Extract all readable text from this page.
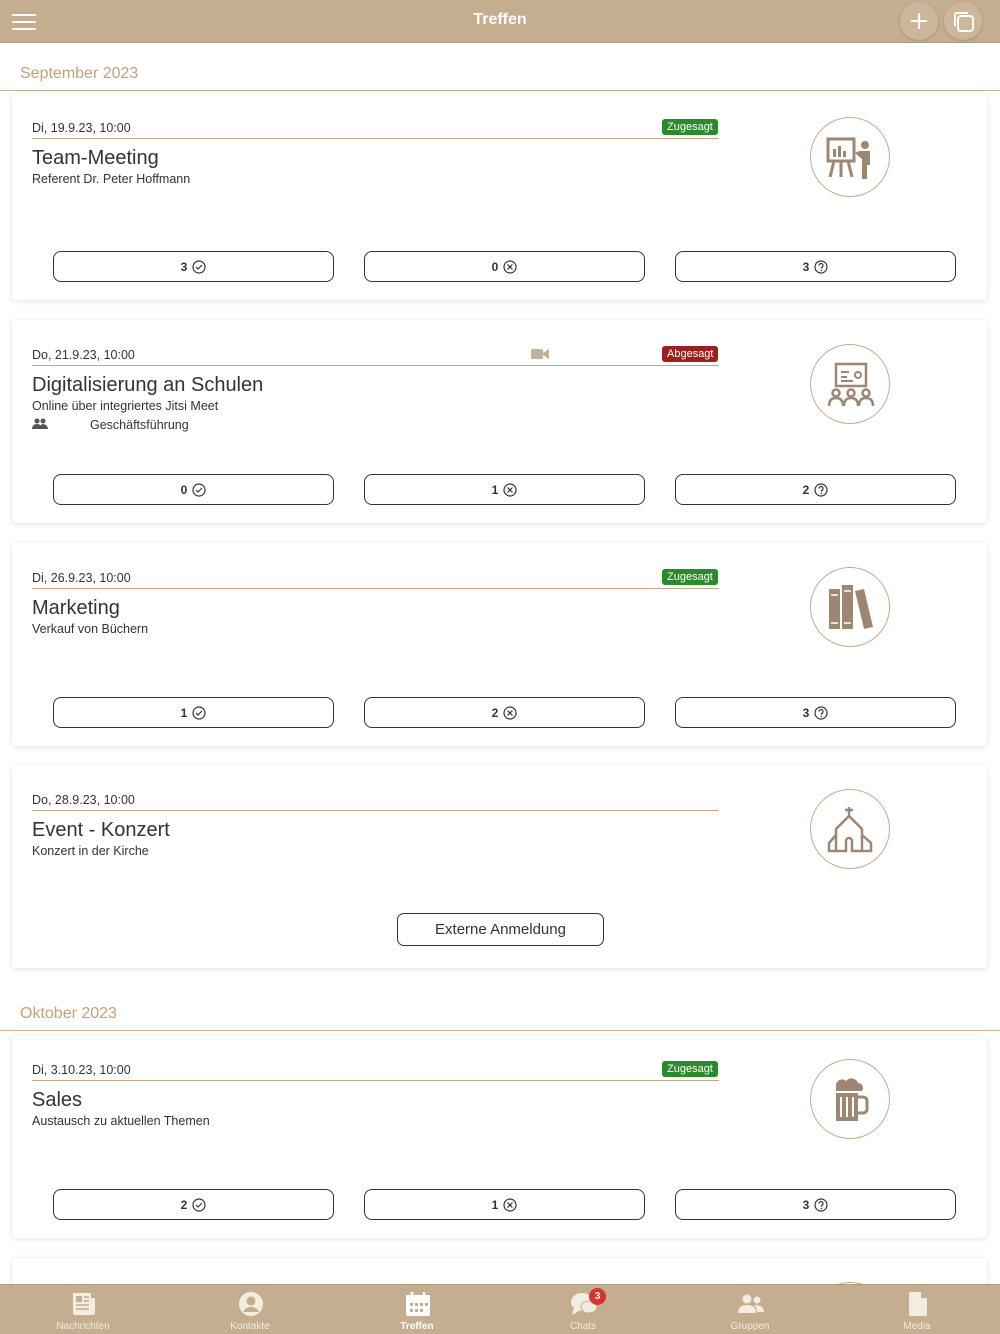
Treffen
September 2023
Di, 19.9.23, 10:00	Zugesagt
Team-Meeting
Referent Dr. Peter Hoffmann
3	0	3
Do, 21.9.23, 10:00	Abgesagt
Digitalisierung an Schulen
Online über integriertes Jitsi Meet
Geschäftsführung
0	1	2
Di, 26.9.23, 10:00	Zugesagt
Marketing
Verkauf von Büchern
1	2	3
Do, 28.9.23, 10:00
Event - Konzert
Konzert in der Kirche
Externe Anmeldung
Oktober 2023
Di, 3.10.23, 10:00	Zugesagt
Sales
Austausch zu aktuellen Themen
2	1	3
Nachrichten	Kontakte	Treffen
3
Chats	Gruppen	Media
